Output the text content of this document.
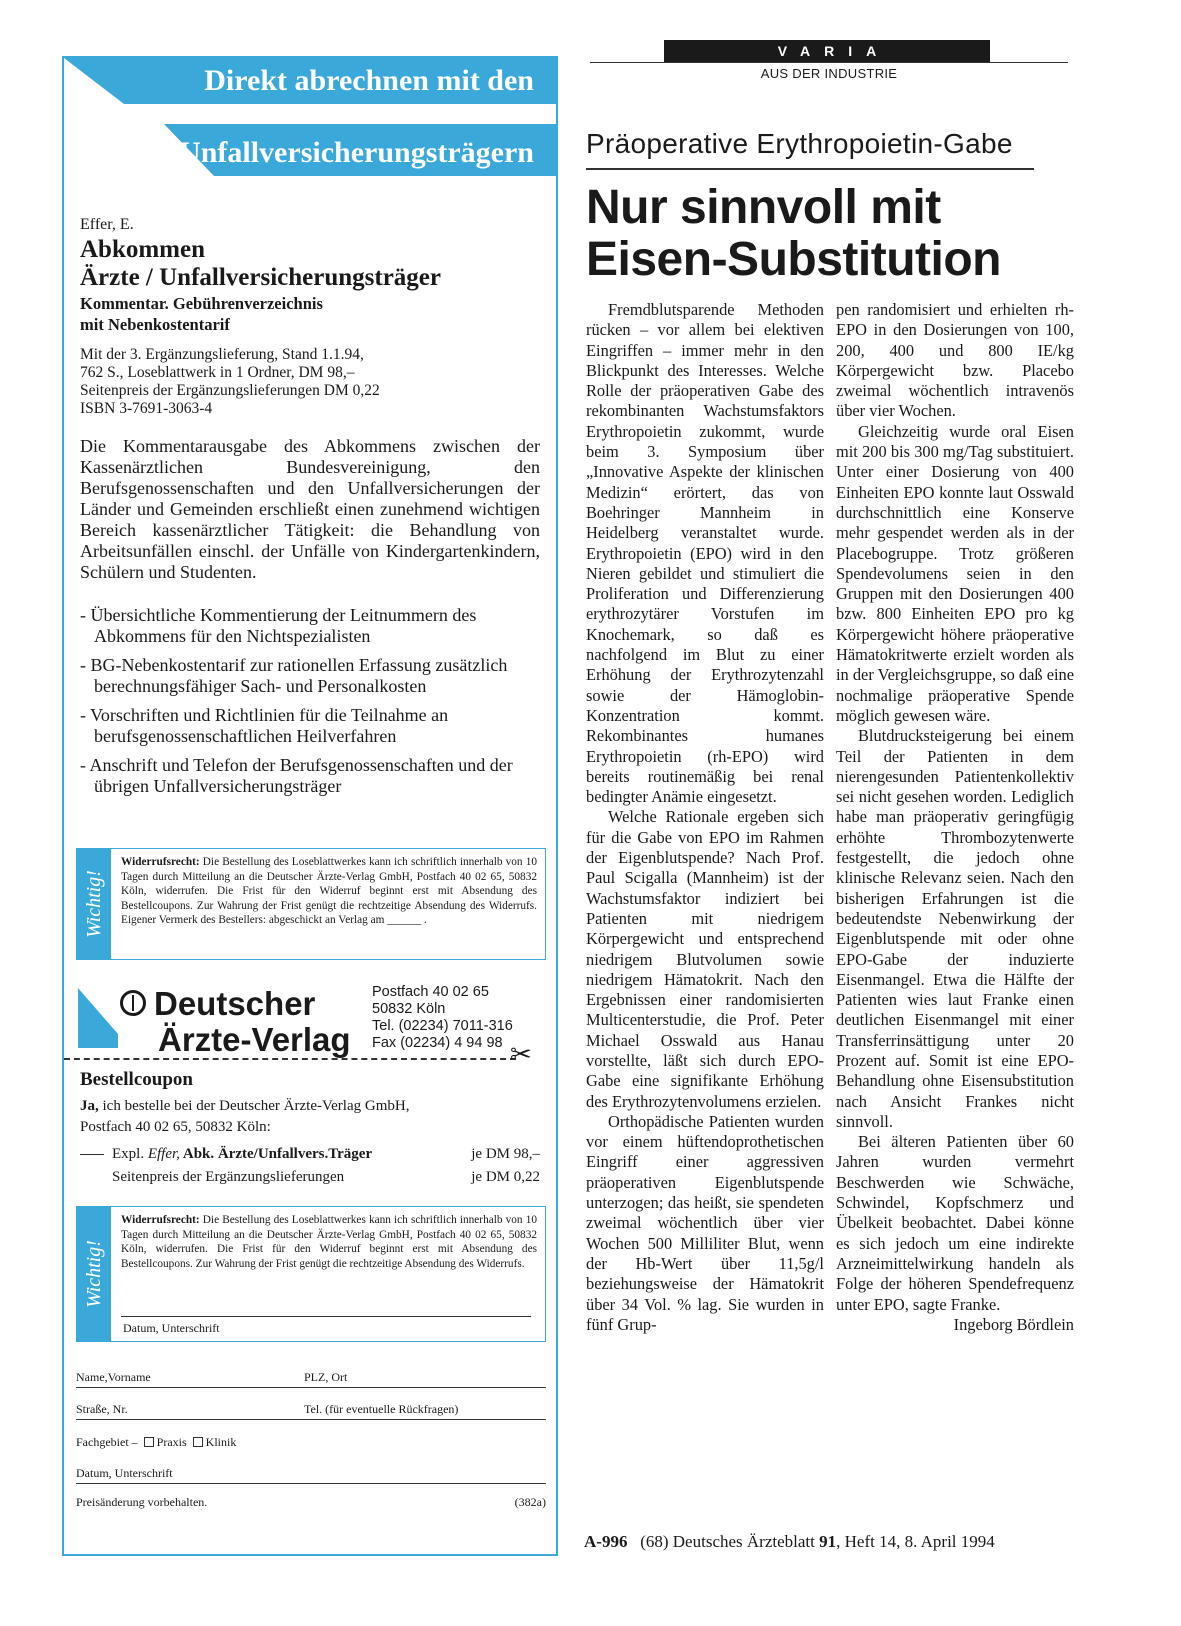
Direkt abrechnen mit den
Unfallversicherungsträgern
Effer, E.
Abkommen
Ärzte / Unfallversicherungsträger
Kommentar. Gebührenverzeichnis
mit Nebenkostentarif
Mit der 3. Ergänzungslieferung, Stand 1.1.94,
762 S., Loseblattwerk in 1 Ordner, DM 98,–
Seitenpreis der Ergänzungslieferungen DM 0,22
ISBN 3-7691-3063-4
Die Kommentarausgabe des Abkommens zwischen der Kassenärztlichen Bundesvereinigung, den Berufsgenossenschaften und den Unfallversicherungen der Länder und Gemeinden erschließt einen zunehmend wichtigen Bereich kassenärztlicher Tätigkeit: die Behandlung von Arbeitsunfällen einschl. der Unfälle von Kindergartenkindern, Schülern und Studenten.
- Übersichtliche Kommentierung der Leitnummern des Abkommens für den Nichtspezialisten
- BG-Nebenkostentarif zur rationellen Erfassung zusätzlich berechnungsfähiger Sach- und Personalkosten
- Vorschriften und Richtlinien für die Teilnahme an berufsgenossenschaftlichen Heilverfahren
- Anschrift und Telefon der Berufsgenossenschaften und der übrigen Unfallversicherungsträger
Wichtig!
Widerrufsrecht: Die Bestellung des Loseblattwerkes kann ich schriftlich innerhalb von 10 Tagen durch Mitteilung an die Deutscher Ärzte-Verlag GmbH, Postfach 40 02 65, 50832 Köln, widerrufen. Die Frist für den Widerruf beginnt erst mit Absendung des Bestellcoupons. Zur Wahrung der Frist genügt die rechtzeitige Absendung des Widerrufs. Eigener Vermerk des Bestellers: abgeschickt an Verlag am ______ .
Deutscher
Ärzte-Verlag
Postfach 40 02 65
50832 Köln
Tel. (02234) 7011-316
Fax (02234) 4 94 98 ✂
Bestellcoupon
Ja, ich bestelle bei der Deutscher Ärzte-Verlag GmbH,
Postfach 40 02 65, 50832 Köln:
Expl. Effer, Abk. Ärzte/Unfallvers.Träger	je DM 98,–
Seitenpreis der Ergänzungslieferungen	je DM 0,22
Wichtig!
Widerrufsrecht: Die Bestellung des Loseblattwerkes kann ich schriftlich innerhalb von 10 Tagen durch Mitteilung an die Deutscher Ärzte-Verlag GmbH, Postfach 40 02 65, 50832 Köln, widerrufen. Die Frist für den Widerruf beginnt erst mit Absendung des Bestellcoupons. Zur Wahrung der Frist genügt die rechtzeitige Absendung des Widerrufs.
Datum, Unterschrift
Name,Vorname	PLZ, Ort
Straße, Nr.	Tel. (für eventuelle Rückfragen)
Fachgebiet – Praxis Klinik
Datum, Unterschrift
Preisänderung vorbehalten.	(382a)
VARIA
AUS DER INDUSTRIE
Präoperative Erythropoietin-Gabe
Nur sinnvoll mit
Eisen-Substitution

Fremdblutsparende Methoden rücken – vor allem bei elektiven Eingriffen – immer mehr in den Blickpunkt des Interesses. Welche Rolle der präoperativen Gabe des rekombinanten Wachstumsfaktors Erythropoietin zukommt, wurde beim 3. Symposium über „Innovative Aspekte der klinischen Medizin“ erörtert, das von Boehringer Mannheim in Heidelberg veranstaltet wurde. Erythropoietin (EPO) wird in den Nieren gebildet und stimuliert die Proliferation und Differenzierung erythrozytärer Vorstufen im Knochemark, so daß es nachfolgend im Blut zu einer Erhöhung der Erythrozytenzahl sowie der Hämoglobin-Konzentration kommt. Rekombinantes humanes Erythropoietin (rh-EPO) wird bereits routinemäßig bei renal bedingter Anämie eingesetzt.

Welche Rationale ergeben sich für die Gabe von EPO im Rahmen der Eigenblutspende? Nach Prof. Paul Scigalla (Mannheim) ist der Wachstumsfaktor indiziert bei Patienten mit niedrigem Körpergewicht und entsprechend niedrigem Blutvolumen sowie niedrigem Hämatokrit. Nach den Ergebnissen einer randomisierten Multicenterstudie, die Prof. Peter Michael Osswald aus Hanau vorstellte, läßt sich durch EPO-Gabe eine signifikante Erhöhung des Erythrozytenvolumens erzielen.

Orthopädische Patienten wurden vor einem hüftendoprothetischen Eingriff einer aggressiven präoperativen Eigenblutspende unterzogen; das heißt, sie spendeten zweimal wöchentlich über vier Wochen 500 Milliliter Blut, wenn der Hb-Wert über 11,5g/l beziehungsweise der Hämatokrit über 34 Vol. % lag. Sie wurden in fünf Grup-

pen randomisiert und erhielten rh-EPO in den Dosierungen von 100, 200, 400 und 800 IE/kg Körpergewicht bzw. Placebo zweimal wöchentlich intravenös über vier Wochen.

Gleichzeitig wurde oral Eisen mit 200 bis 300 mg/Tag substituiert. Unter einer Dosierung von 400 Einheiten EPO konnte laut Osswald durchschnittlich eine Konserve mehr gespendet werden als in der Placebogruppe. Trotz größeren Spendevolumens seien in den Gruppen mit den Dosierungen 400 bzw. 800 Einheiten EPO pro kg Körpergewicht höhere präoperative Hämatokritwerte erzielt worden als in der Vergleichsgruppe, so daß eine nochmalige präoperative Spende möglich gewesen wäre.

Blutdrucksteigerung bei einem Teil der Patienten in dem nierengesunden Patientenkollektiv sei nicht gesehen worden. Lediglich habe man präoperativ geringfügig erhöhte Thrombozytenwerte festgestellt, die jedoch ohne klinische Relevanz seien. Nach den bisherigen Erfahrungen ist die bedeutendste Nebenwirkung der Eigenblutspende mit oder ohne EPO-Gabe der induzierte Eisenmangel. Etwa die Hälfte der Patienten wies laut Franke einen deutlichen Eisenmangel mit einer Transferrinsättigung unter 20 Prozent auf. Somit ist eine EPO-Behandlung ohne Eisensubstitution nach Ansicht Frankes nicht sinnvoll.

Bei älteren Patienten über 60 Jahren wurden vermehrt Beschwerden wie Schwäche, Schwindel, Kopfschmerz und Übelkeit beobachtet. Dabei könne es sich jedoch um eine indirekte Arzneimittelwirkung handeln als Folge der höheren Spendefrequenz unter EPO, sagte Franke.

Ingeborg Bördlein
A-996 (68) Deutsches Ärzteblatt 91, Heft 14, 8. April 1994
